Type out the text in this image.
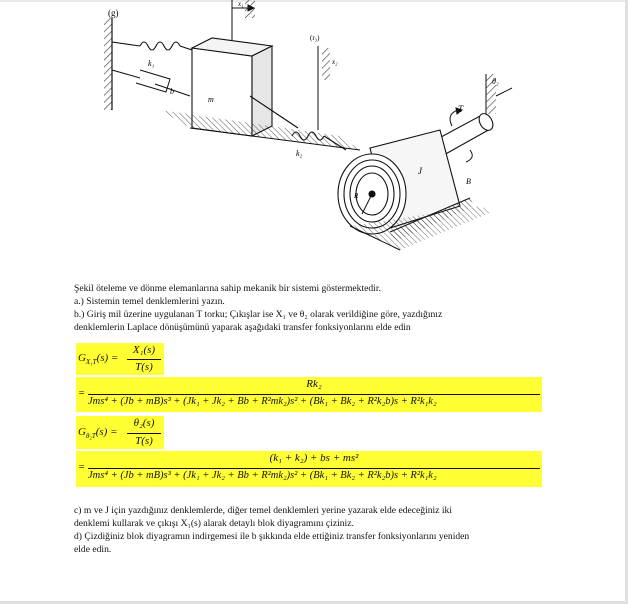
(g)
k₁
b
m
x₁
k₂
(r₃)
x₂
θ₂
T
J
R
B
Şekil öteleme ve dönme elemanlarına sahip mekanik bir sistemi göstermektedir.
a.) Sistemin temel denklemlerini yazın.
b.) Giriş mil üzerine uygulanan T torku; Çıkışlar ise X₁ ve θ₂ olarak verildiğine göre, yazdığınız
denklemlerin Laplace dönüşümünü yaparak aşağıdaki transfer fonksiyonlarını elde edin
$G_{X_1T}(s)$ =
X₁(s)
T(s)
=
Rk₂
Jms⁴ + (Jb + mB)s³ + (Jk₁ + Jk₂ + Bb + R²mk₂)s² + (Bk₁ + Bk₂ + R²k₂b)s + R²k₁k₂
$G_{\theta_2T}(s)$ =
θ₂(s)
T(s)
=
(k₁ + k₂) + bs + ms²
Jms⁴ + (Jb + mB)s³ + (Jk₁ + Jk₂ + Bb + R²mk₂)s² + (Bk₁ + Bk₂ + R²k₂b)s + R²k₁k₂
c) m ve J için yazdığınız denklemlerde, diğer temel denklemleri yerine yazarak elde edeceğiniz iki
denklemi kullarak ve çıkışı X₁(s) alarak detaylı blok diyagramını çiziniz.
d) Çizdiğiniz blok diyagramın indirgemesi ile b şıkkında elde ettiğiniz transfer fonksiyonlarını yeniden
elde edin.
